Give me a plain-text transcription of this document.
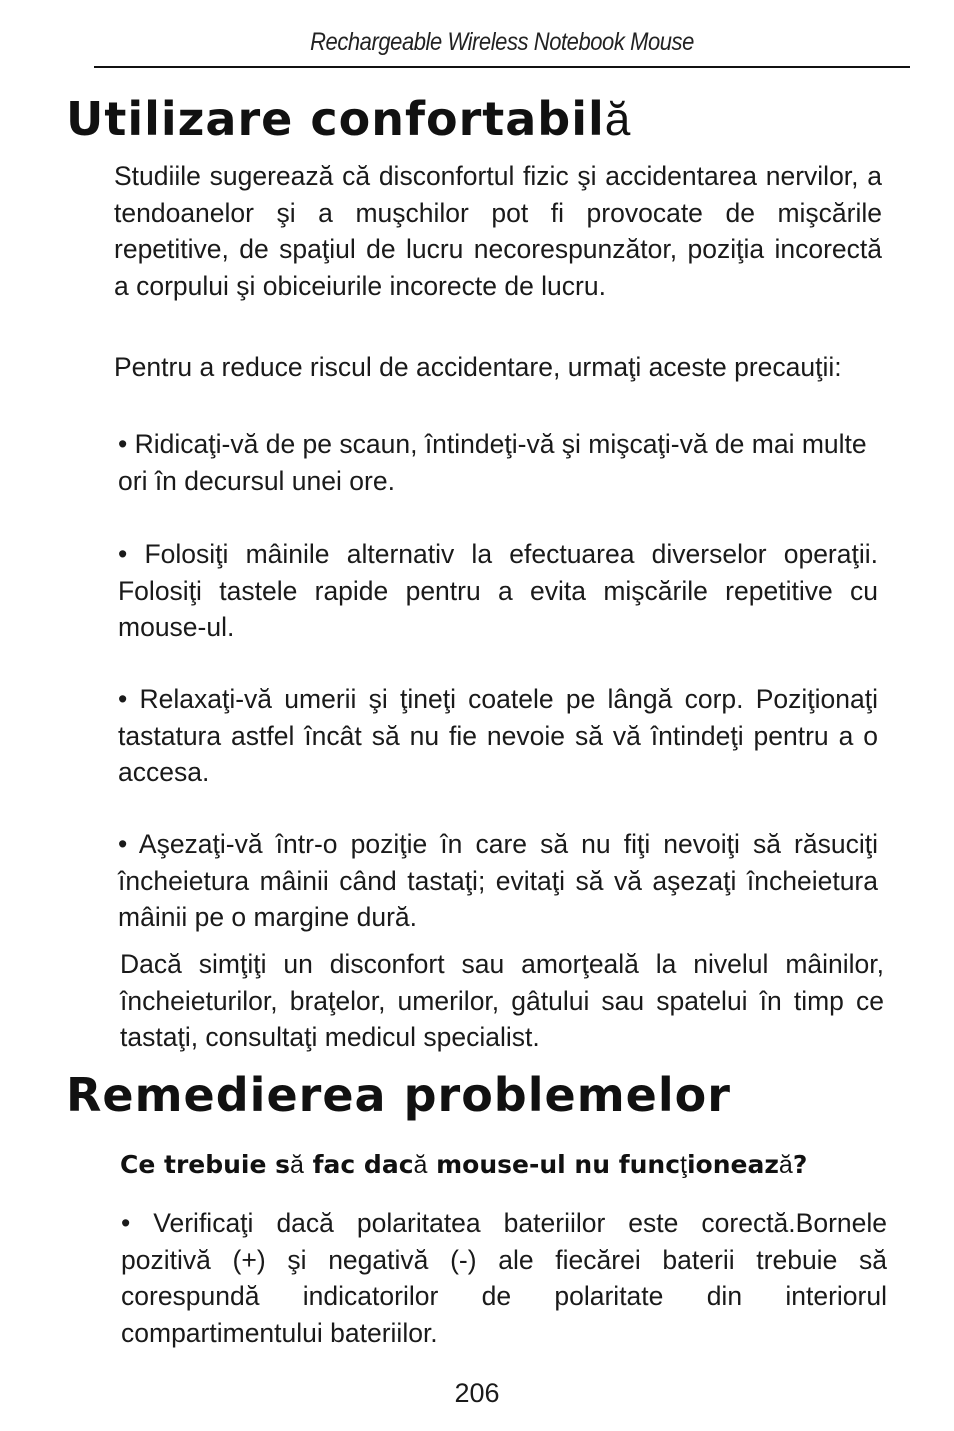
Rechargeable Wireless Notebook Mouse
Utilizare confortabilă

Studiile sugerează că disconfortul fizic şi accidentarea nervilor, a tendoanelor şi a muşchilor pot fi provocate de mişcările repetitive, de spaţiul de lucru necorespunzător, poziţia incorectă a corpului şi obiceiurile incorecte de lucru.

Pentru a reduce riscul de accidentare, urmaţi aceste precauţii:

• Ridicaţi-vă de pe scaun, întindeţi-vă şi mişcaţi-vă de mai multe ori în decursul unei ore.

• Folosiţi mâinile alternativ la efectuarea diverselor operaţii. Folosiţi tastele rapide pentru a evita mişcările repetitive cu mouse-ul.

• Relaxaţi-vă umerii şi ţineţi coatele pe lângă corp. Poziţionaţi tastatura astfel încât să nu fie nevoie să vă întindeţi pentru a o accesa.

• Aşezaţi-vă într-o poziţie în care să nu fiţi nevoiţi să răsuciţi încheietura mâinii când tastaţi; evitaţi să vă aşezaţi încheietura mâinii pe o margine dură.

Dacă simţiţi un disconfort sau amorţeală la nivelul mâinilor, încheieturilor, braţelor, umerilor, gâtului sau spatelui în timp ce tastaţi, consultaţi medicul specialist.

Remedierea problemelor

Ce trebuie să fac dacă mouse-ul nu funcţionează?

• Verificaţi dacă polaritatea bateriilor este corectă.Bornele pozitivă (+) şi negativă (-) ale fiecărei baterii trebuie să corespundă indicatorilor de polaritate din interiorul compartimentului bateriilor.

206
